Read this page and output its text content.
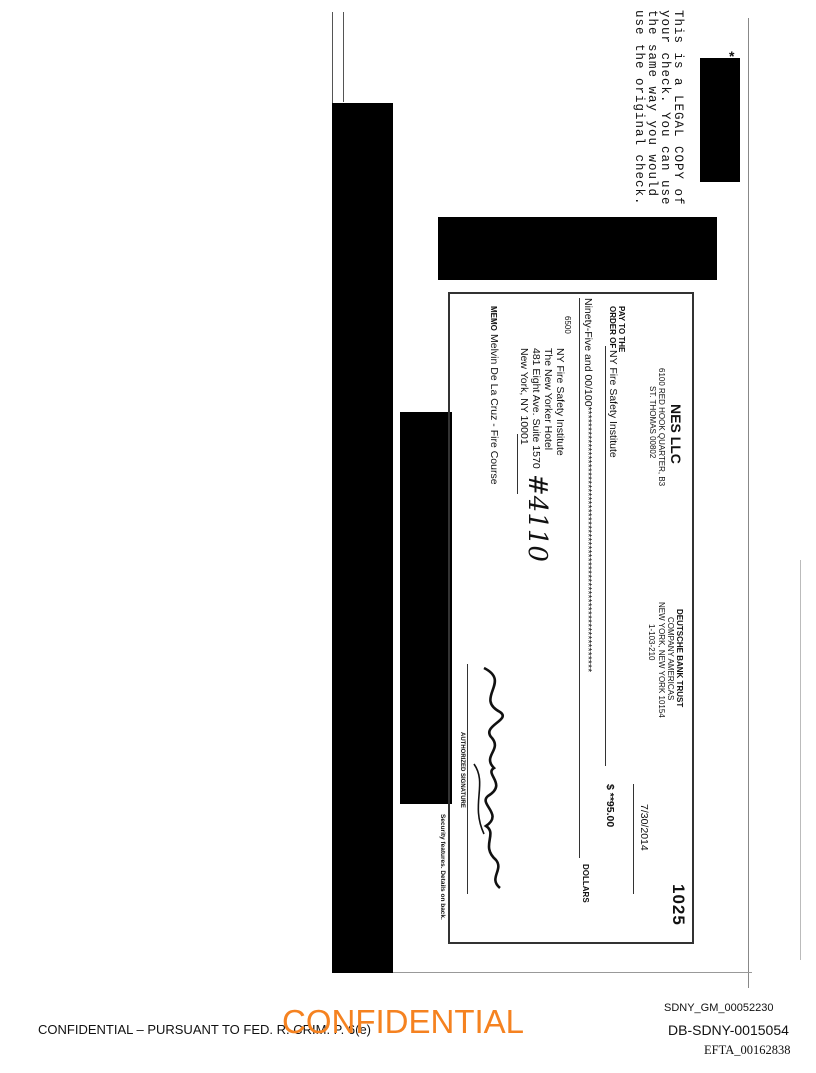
*
This is a LEGAL COPY of
your check. You can use
the same way you would
use the original check.
NES LLC
6100 RED HOOK QUARTER, B3
ST. THOMAS 00802
DEUTSCHE BANK TRUST
COMPANY AMERICAS
NEW YORK, NEW YORK 10154
1-103-210
1025
7/30/2014
PAY TO THE
ORDER OF
NY Fire Safety Institute
$ **95.00
Ninety-Five and 00/100*****************************************************************
DOLLARS
6500
NY Fire Safety Institute
The New Yorker Hotel
481 Eight Ave. Suite 1570
New York, NY 10001
MEMO
Melvin De La Cruz - Fire Course
#4110
AUTHORIZED SIGNATURE
Security features. Details on back.
SDNY_GM_00052230
CONFIDENTIAL – PURSUANT TO FED. R. CRIM. P. 6(e)
CONFIDENTIAL	DB-SDNY-0015054
EFTA_00162838
